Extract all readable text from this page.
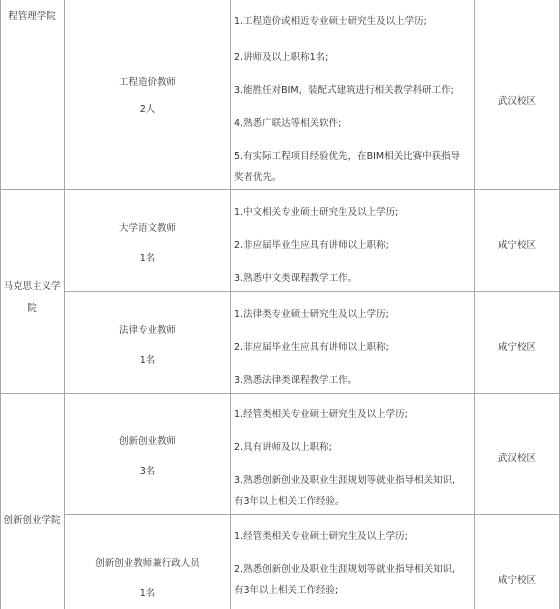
程管理学院
马克思主义学
院
创新创业学院
工程造价教师
2人
1.工程造价或相近专业硕士研究生及以上学历;
2.讲师及以上职称1名;
3.能胜任对BIM，装配式建筑进行相关教学科研工作;
4.熟悉广联达等相关软件;
5.有实际工程项目经验优先，在BIM相关比赛中获指导
奖者优先。
武汉校区
大学语文教师
1名
1.中文相关专业硕士研究生及以上学历;
2.非应届毕业生应具有讲师以上职称;
3.熟悉中文类课程教学工作。
咸宁校区
法律专业教师
1名
1.法律类专业硕士研究生及以上学历;
2.非应届毕业生应具有讲师以上职称;
3.熟悉法律类课程教学工作。
咸宁校区
创新创业教师
3名
1.经管类相关专业硕士研究生及以上学历;
2.具有讲师及以上职称;
3.熟悉创新创业及职业生涯规划等就业指导相关知识,
有3年以上相关工作经验。
武汉校区
创新创业教师兼行政人员
1名
1.经管类相关专业硕士研究生及以上学历;
2.熟悉创新创业及职业生涯规划等就业指导相关知识,
有3年以上相关工作经验;
咸宁校区
